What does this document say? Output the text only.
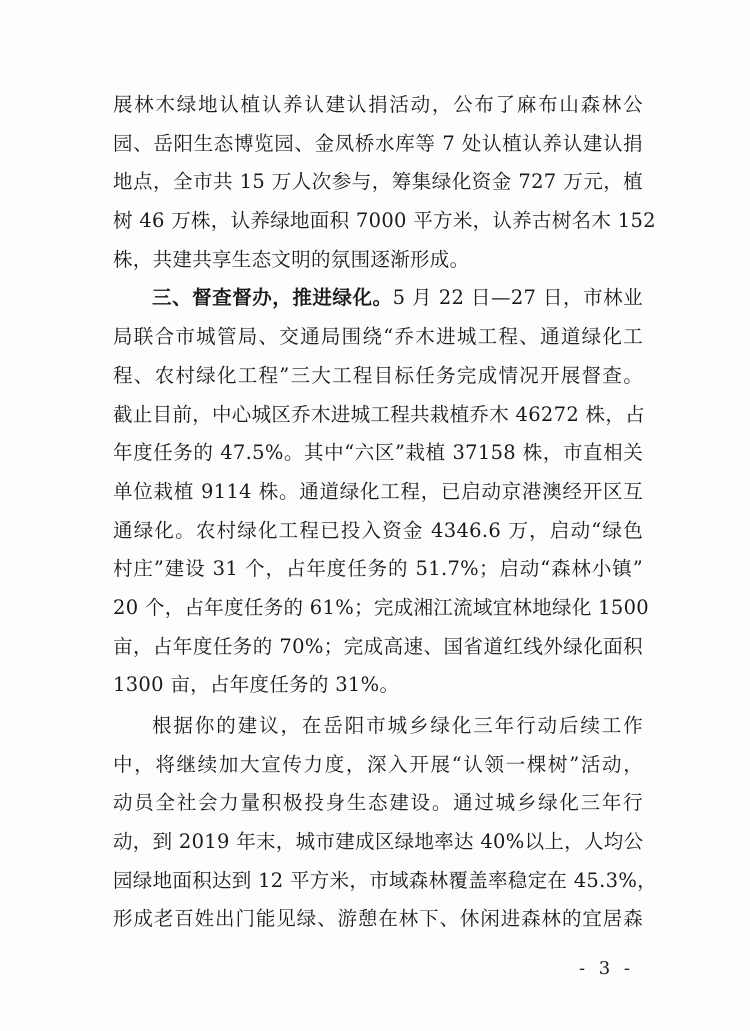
展林木绿地认植认养认建认捐活动，公布了麻布山森林公
园、岳阳生态博览园、金凤桥水库等 7 处认植认养认建认捐
地点，全市共 15 万人次参与，筹集绿化资金 727 万元，植
树 46 万株，认养绿地面积 7000 平方米，认养古树名木 152
株，共建共享生态文明的氛围逐渐形成。
三、督查督办，推进绿化。5 月 22 日—27 日，市林业
局联合市城管局、交通局围绕“乔木进城工程、通道绿化工
程、农村绿化工程”三大工程目标任务完成情况开展督查。
截止目前，中心城区乔木进城工程共栽植乔木 46272 株，占
年度任务的 47.5%。其中“六区”栽植 37158 株，市直相关
单位栽植 9114 株。通道绿化工程，已启动京港澳经开区互
通绿化。农村绿化工程已投入资金 4346.6 万，启动“绿色
村庄”建设 31 个，占年度任务的 51.7%；启动“森林小镇”
20 个，占年度任务的 61%；完成湘江流域宜林地绿化 1500
亩，占年度任务的 70%；完成高速、国省道红线外绿化面积
1300 亩，占年度任务的 31%。
根据你的建议，在岳阳市城乡绿化三年行动后续工作
中，将继续加大宣传力度，深入开展“认领一棵树”活动，
动员全社会力量积极投身生态建设。通过城乡绿化三年行
动，到 2019 年末，城市建成区绿地率达 40%以上，人均公
园绿地面积达到 12 平方米，市域森林覆盖率稳定在 45.3%，
形成老百姓出门能见绿、游憩在林下、休闲进森林的宜居森
- 3 -
